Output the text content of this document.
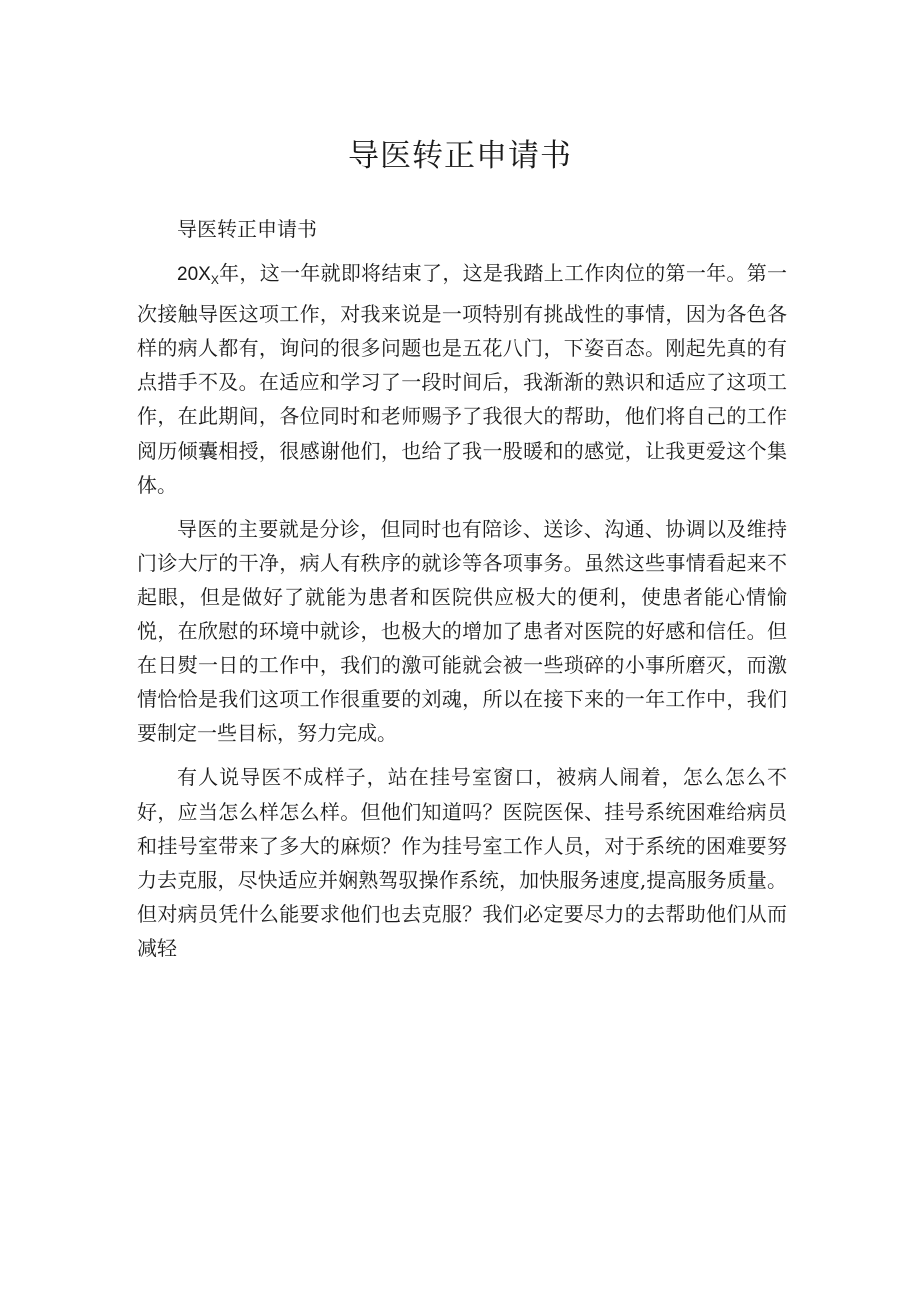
导医转正申请书

导医转正申请书

$20X_X$年，这一年就即将结束了，这是我踏上工作肉位的第一年。第一次接触导医这项工作，对我来说是一项特别有挑战性的事情，因为各色各样的病人都有，询问的很多问题也是五花八门，下姿百态。刚起先真的有点措手不及。在适应和学习了一段时间后，我渐渐的熟识和适应了这项工作，在此期间，各位同时和老师赐予了我很大的帮助，他们将自己的工作阅历倾囊相授，很感谢他们，也给了我一股暖和的感觉，让我更爱这个集体。

导医的主要就是分诊，但同时也有陪诊、送诊、沟通、协调以及维持门诊大厅的干净，病人有秩序的就诊等各项事务。虽然这些事情看起来不起眼，但是做好了就能为患者和医院供应极大的便利，使患者能心情愉悦，在欣慰的环境中就诊，也极大的增加了患者对医院的好感和信任。但在日熨一日的工作中，我们的激可能就会被一些琐碎的小事所磨灭，而激情恰恰是我们这项工作很重要的刘魂，所以在接下来的一年工作中，我们要制定一些目标，努力完成。

有人说导医不成样子，站在挂号室窗口，被病人闹着，怎么怎么不好，应当怎么样怎么样。但他们知道吗？医院医保、挂号系统困难给病员和挂号室带来了多大的麻烦？作为挂号室工作人员，对于系统的困难要努力去克服，尽快适应并娴熟驾驭操作系统，加快服务速度,提高服务质量。但对病员凭什么能要求他们也去克服？我们必定要尽力的去帮助他们从而减轻
